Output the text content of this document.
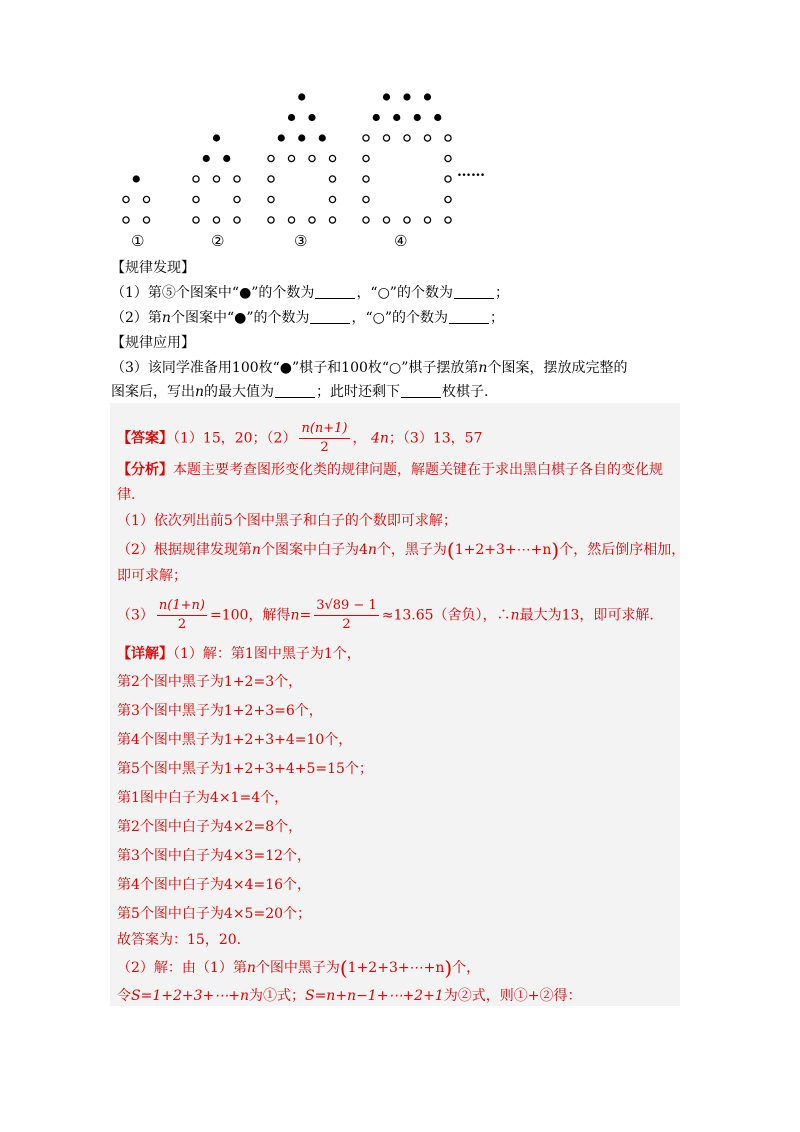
①	②	③	④
……
【规律发现】
（1）第⑤个图案中“●”的个数为	，“○”的个数为	；
（2）第n个图案中“●”的个数为	，“○”的个数为	；
【规律应用】
（3）该同学准备用100枚“●”棋子和100枚“○”棋子摆放第n个图案，摆放成完整的
图案后，写出n的最大值为	；此时还剩下	枚棋子.
【答案】（1）15，20；$(2) \frac{n(n+1)}{2}$ ， 4n；（3）13，57
【分析】本题主要考查图形变化类的规律问题，解题关键在于求出黑白棋子各自的变化规
律.
（1）依次列出前5个图中黑子和白子的个数即可求解；
（2）根据规律发现第n个图案中白子为4n个，黑子为(1+2+3+⋯+n)个，然后倒序相加，
即可求解；
$(3) \frac{n(1+n)}{2} =100$，解得$n= \frac{3√89 - 1}{2} \approx 13.65$（舍负），∴n最大为13，即可求解.
【详解】（1）解：第1图中黑子为1个，
第2个图中黑子为1+2=3个，
第3个图中黑子为1+2+3=6个，
第4个图中黑子为1+2+3+4=10个，
第5个图中黑子为1+2+3+4+5=15个；
第1图中白子为4×1=4个，
第2个图中白子为4×2=8个，
第3个图中白子为4×3=12个，
第4个图中白子为4×4=16个，
第5个图中白子为4×5=20个；
故答案为：15，20.
（2）解：由（1）第n个图中黑子为(1+2+3+⋯+n)个，
令S=1+2+3+⋯+n为①式；S=n+n−1+⋯+2+1为②式，则①+②得：
